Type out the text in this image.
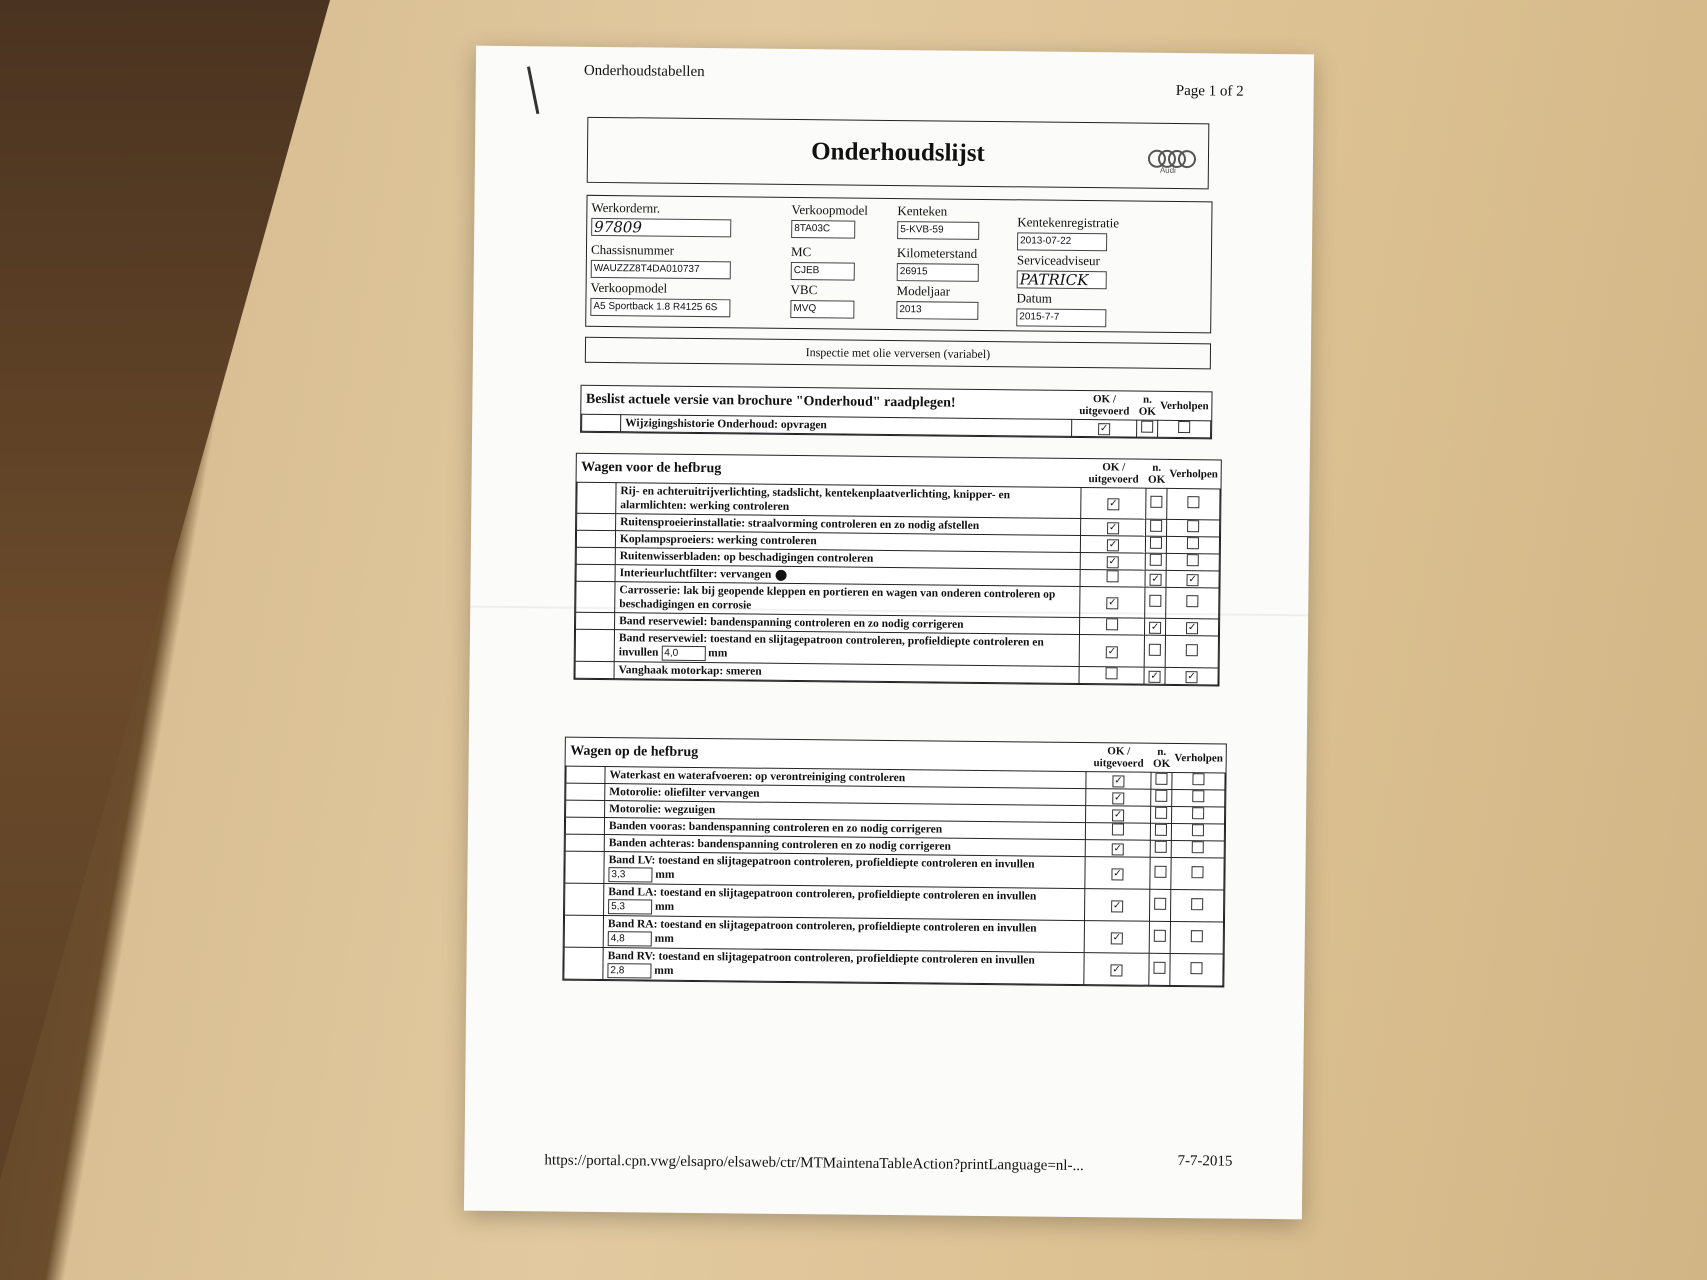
Onderhoudstabellen
Page 1 of 2
Onderhoudslijst
Audi
Werkordernr.
97809
Chassisnummer
WAUZZZ8T4DA010737
Verkoopmodel
A5 Sportback 1.8 R4125 6S
Verkoopmodel
8TA03C
MC
CJEB
VBC
MVQ
Kenteken
5-KVB-59
Kilometerstand
26915
Modeljaar
2013
Kentekenregistratie
2013-07-22
Serviceadviseur
PATRICK
Datum
2015-7-7
Inspectie met olie verversen (variabel)
Beslist actuele versie van brochure "Onderhoud" raadplegen!		OK / uitgevoerd	n. OK	Verholpen
	Wijzigingshistorie Onderhoud: opvragen	✓		
Wagen voor de hefbrug		OK / uitgevoerd	n. OK	Verholpen
	Rij- en achteruitrijverlichting, stadslicht, kentekenplaatverlichting, knipper- en alarmlichten: werking controleren	✓		
	Ruitensproeierinstallatie: straalvorming controleren en zo nodig afstellen	✓		
	Koplampsproeiers: werking controleren	✓		
	Ruitenwisserbladen: op beschadigingen controleren	✓		
	Interieurluchtfilter: vervangen		✓	✓
	Carrosserie: lak bij geopende kleppen en portieren en wagen van onderen controleren op beschadigingen en corrosie	✓		
	Band reservewiel: bandenspanning controleren en zo nodig corrigeren		✓	✓
	Band reservewiel: toestand en slijtagepatroon controleren, profieldiepte controleren en invullen 4,0 mm	✓		
	Vanghaak motorkap: smeren		✓	✓
Wagen op de hefbrug		OK / uitgevoerd	n. OK	Verholpen
	Waterkast en waterafvoeren: op verontreiniging controleren	✓		
	Motorolie: oliefilter vervangen	✓		
	Motorolie: wegzuigen	✓		
	Banden vooras: bandenspanning controleren en zo nodig corrigeren			
	Banden achteras: bandenspanning controleren en zo nodig corrigeren	✓		
	Band LV: toestand en slijtagepatroon controleren, profieldiepte controleren en invullen 3,3 mm	✓		
	Band LA: toestand en slijtagepatroon controleren, profieldiepte controleren en invullen 5,3 mm	✓		
	Band RA: toestand en slijtagepatroon controleren, profieldiepte controleren en invullen 4,8 mm	✓		
	Band RV: toestand en slijtagepatroon controleren, profieldiepte controleren en invullen 2,8 mm	✓		
https://portal.cpn.vwg/elsapro/elsaweb/ctr/MTMaintenaTableAction?printLanguage=nl-...	7-7-2015
